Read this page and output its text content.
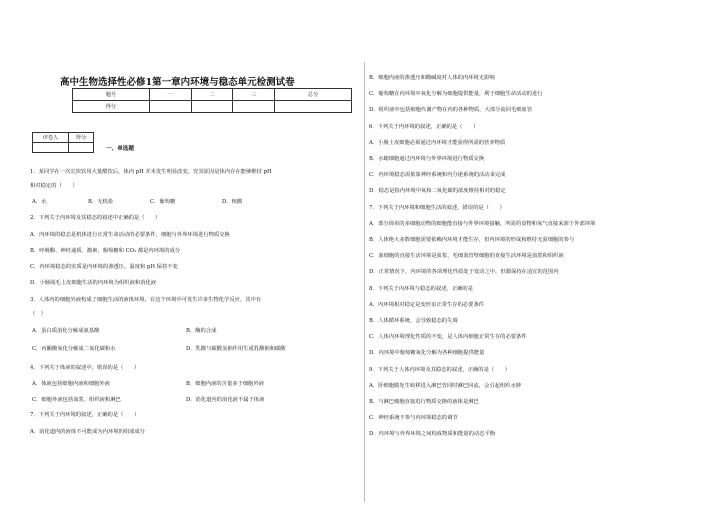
高中生物选择性必修1第一章内环境与稳态单元检测试卷
题号	一	二	三	总分
得分				
评卷人	得分

一、单选题
1．某同学在一次长快饮用大量酷饮后，体内 pH 并未发生明显改变，究其原因是体内存在能够维持 pH
相对稳定的（　　）
2．下列关于内环境及其稳态的叙述中正确的是（　　）
A．内环境的稳态是机体进行正常生命活动的必要条件，细胞与外界环境进行物质交换
B．呼吸酶、神经递质、激素、葡萄糖和 CO₂ 都是内环境的成分
C．内环境稳态的实质是内环境的渗透压、温度和 pH 保持不变
D．小肠绒毛上皮细胞生活的内环境为组织液和消化液
3．人体内的细胞外液构成了细胞生活的液体环境，在这个环境中可发生许多生物化学反应，其中有
（　）
4．下列关于体液的叙述中，错误的是（　　）
7．下列关于内环境的叙述，正确的是（　　）
A．消化道内的液体不可能成为内环境的组成成分
A．水	B．无机盐	C．葡萄糖	D．核酸
A．蛋白质消化分解成氨基酸	B．酶的合成
C．丙酮酸氧化分解成二氧化碳和水	D．乳酸与碳酸氢钠作用生成乳酸钠和碳酸
A．体液包括细胞内液和细胞外液	B．细胞内液的含量多于细胞外液
C．细胞外液包括血浆、组织液和淋巴	D．消化道内的消化液不属于体液
B．细胞内液的渗透压和酸碱度对人体的内环境无影响
C．葡萄糖在内环境中氧化分解为细胞提供能量，利于细胞生命活动的进行
D．组织液中包括细胞代谢产物在内的各种物质，大部分流回毛细血管
6．下列关于内环境的叙述，正确的是（　　）
A．小肠上皮细胞必须通过内环境才能获得所需的营养物质
B．水螅细胞通过内环境与外界环境进行物质交换
C．内环境稳态需依靠神经系统和内分泌系统的活动来完成
D．稳态是指内环境中氧和二氧化碳的浓度维持相对的稳定
7．下列关于内环境和细胞生活的叙述，错误的是（　　）
A．部分简单的多细胞动物的细胞能直接与外界环境接触，所需的食物和氧气直接来源于外部环境
B．人体绝大多数细胞需要依赖内环境才能生存，但内环境的形成和维持无需细胞的参与
C．血细胞的直接生活环境是血浆，毛细血管壁细胞的直接生活环境是血浆和组织液
D．正常情况下，内环境的各项理化性质处于变动之中，但都保持在适宜的范围内
8．下列关于内环境与稳态的叙述，正确的是
A．内环境相对稳定是变形虫正常生存的必要条件
B．人体循环系统，会导致稳态的失调
C．人体内环境理化性质的不变，是人体内细胞正常生存的必要条件
D．内环境中葡萄糖氧化分解为各种细胞提供能量
9．下列关于人体内环境及其稳态的叙述，正确的是（　　）
A．肝细胞膜发生转移进入淋巴管同时淋巴回流，会引起组织水肿
B．与淋巴细胞直接进行物质交换的液体是淋巴
C．神经系统不参与内环境稳态的调节
D．内环境与外界环境之间构成物质和能量的动态平衡
